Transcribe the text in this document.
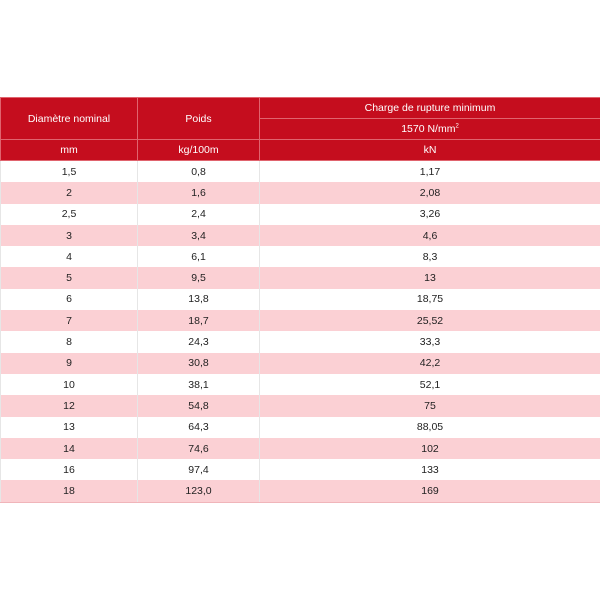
Diamètre nominal	Poids	Charge de rupture minimum
		1570 $N/mm^2$
mm	kg/100m	kN
1,5	0,8	1,17
2	1,6	2,08
2,5	2,4	3,26
3	3,4	4,6
4	6,1	8,3
5	9,5	13
6	13,8	18,75
7	18,7	25,52
8	24,3	33,3
9	30,8	42,2
10	38,1	52,1
12	54,8	75
13	64,3	88,05
14	74,6	102
16	97,4	133
18	123,0	169
